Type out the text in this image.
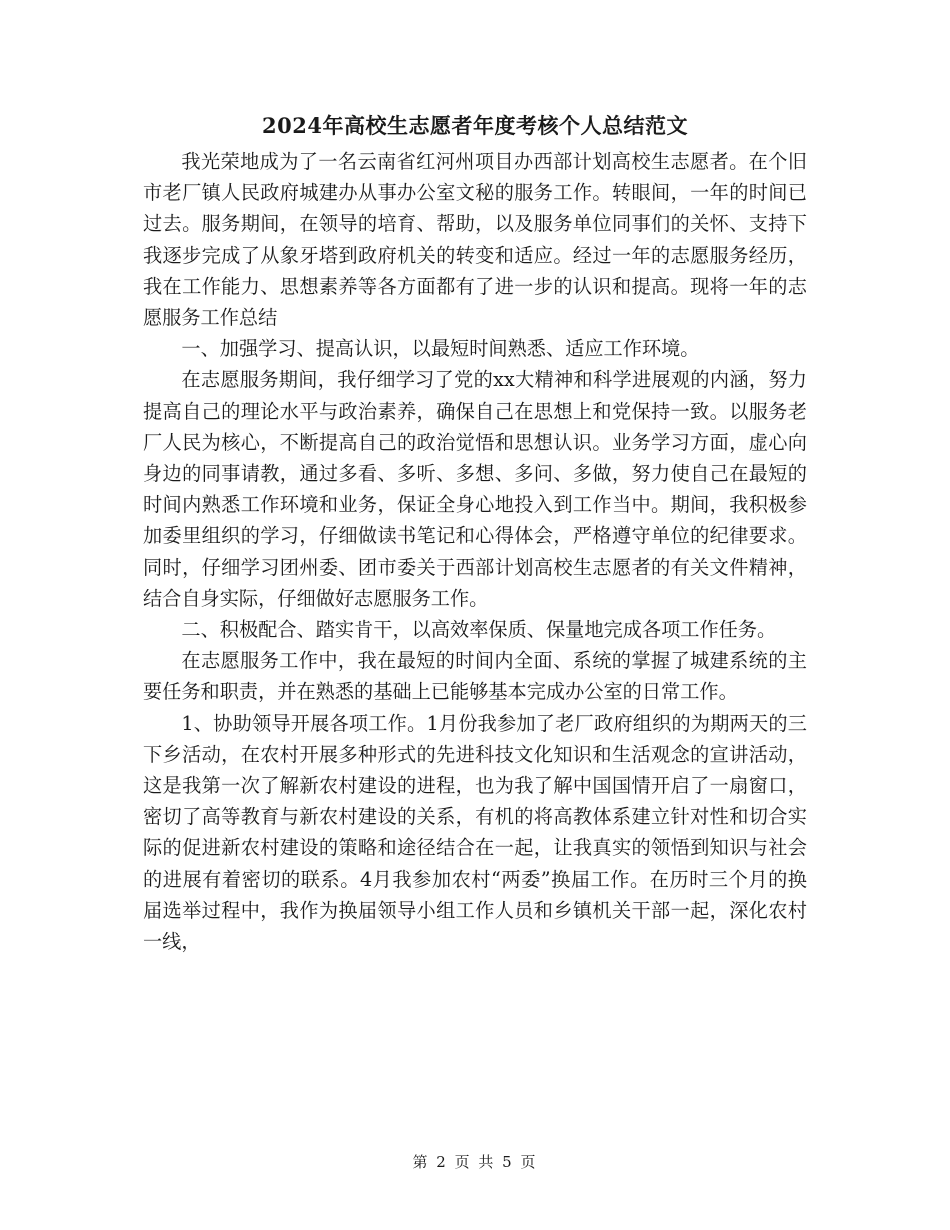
2024年高校生志愿者年度考核个人总结范文

我光荣地成为了一名云南省红河州项目办西部计划高校生志愿者。在个旧市老厂镇人民政府城建办从事办公室文秘的服务工作。转眼间，一年的时间已过去。服务期间，在领导的培育、帮助，以及服务单位同事们的关怀、支持下我逐步完成了从象牙塔到政府机关的转变和适应。经过一年的志愿服务经历，我在工作能力、思想素养等各方面都有了进一步的认识和提高。现将一年的志愿服务工作总结

一、加强学习、提高认识，以最短时间熟悉、适应工作环境。

在志愿服务期间，我仔细学习了党的xx大精神和科学进展观的内涵，努力提高自己的理论水平与政治素养，确保自己在思想上和党保持一致。以服务老厂人民为核心，不断提高自己的政治觉悟和思想认识。业务学习方面，虚心向身边的同事请教，通过多看、多听、多想、多问、多做，努力使自己在最短的时间内熟悉工作环境和业务，保证全身心地投入到工作当中。期间，我积极参加委里组织的学习，仔细做读书笔记和心得体会，严格遵守单位的纪律要求。同时，仔细学习团州委、团市委关于西部计划高校生志愿者的有关文件精神，结合自身实际，仔细做好志愿服务工作。

二、积极配合、踏实肯干，以高效率保质、保量地完成各项工作任务。

在志愿服务工作中，我在最短的时间内全面、系统的掌握了城建系统的主要任务和职责，并在熟悉的基础上已能够基本完成办公室的日常工作。

1、协助领导开展各项工作。1月份我参加了老厂政府组织的为期两天的三下乡活动，在农村开展多种形式的先进科技文化知识和生活观念的宣讲活动，这是我第一次了解新农村建设的进程，也为我了解中国国情开启了一扇窗口，密切了高等教育与新农村建设的关系，有机的将高教体系建立针对性和切合实际的促进新农村建设的策略和途径结合在一起，让我真实的领悟到知识与社会的进展有着密切的联系。4月我参加农村“两委”换届工作。在历时三个月的换届选举过程中，我作为换届领导小组工作人员和乡镇机关干部一起，深化农村一线，

第 2 页 共 5 页
